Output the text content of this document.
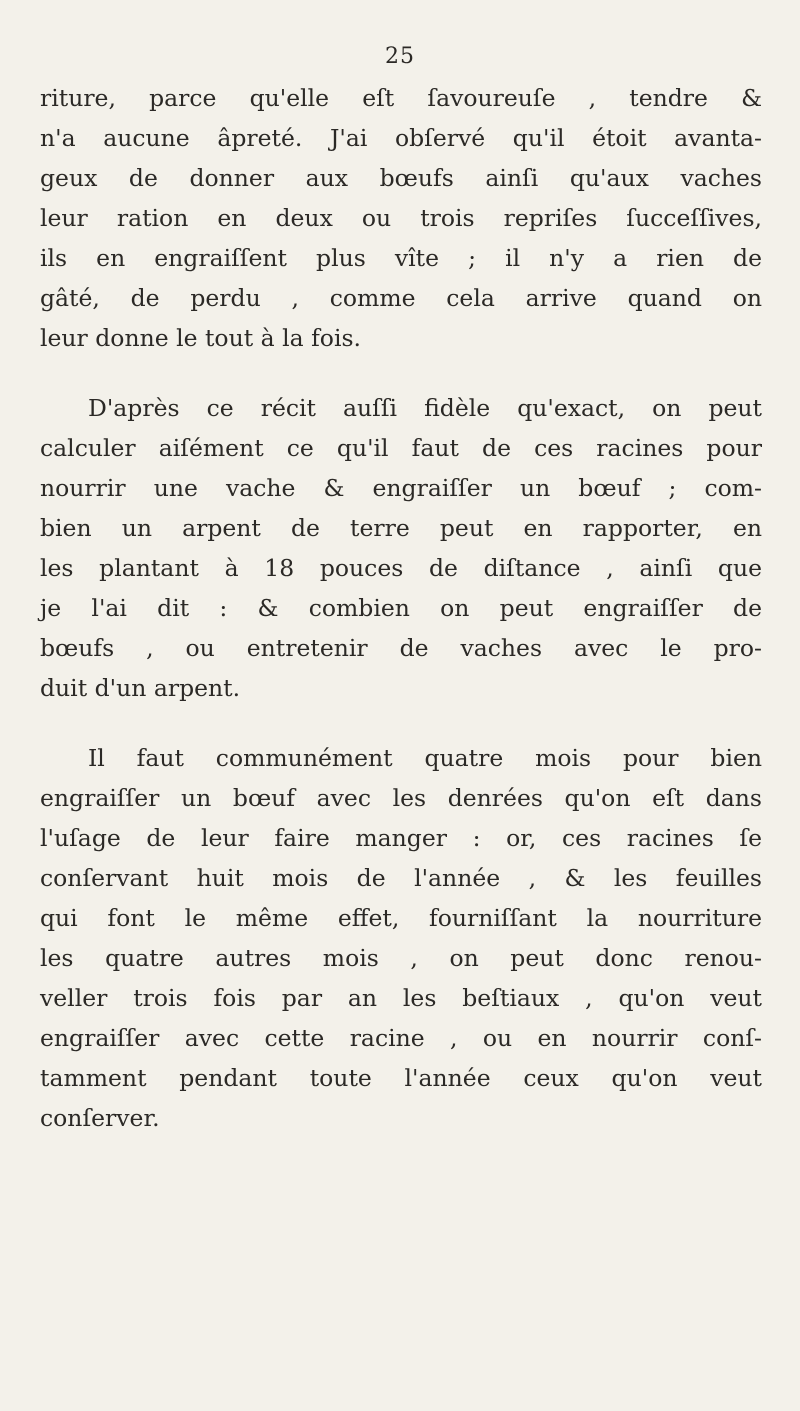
25
riture, parce qu'elle eſt ſavoureuſe , tendre &
n'a aucune âpreté. J'ai obſervé qu'il étoit avanta-
geux de donner aux bœufs ainſi qu'aux vaches
leur ration en deux ou trois repriſes ſucceſſives,
ils en engraiſſent plus vîte ; il n'y a rien de
gâté, de perdu , comme cela arrive quand on
leur donne le tout à la fois.
D'après ce récit auſſi fidèle qu'exact, on peut
calculer aiſément ce qu'il faut de ces racines pour
nourrir une vache & engraiſſer un bœuf ; com-
bien un arpent de terre peut en rapporter, en
les plantant à 18 pouces de diſtance , ainſi que
je l'ai dit : & combien on peut engraiſſer de
bœufs , ou entretenir de vaches avec le pro-
duit d'un arpent.
Il faut communément quatre mois pour bien
engraiſſer un bœuf avec les denrées qu'on eſt dans
l'uſage de leur faire manger : or, ces racines ſe
conſervant huit mois de l'année , & les feuilles
qui font le même effet, fourniſſant la nourriture
les quatre autres mois , on peut donc renou-
veller trois fois par an les beſtiaux , qu'on veut
engraiſſer avec cette racine , ou en nourrir conſ-
tamment pendant toute l'année ceux qu'on veut
conſerver.
